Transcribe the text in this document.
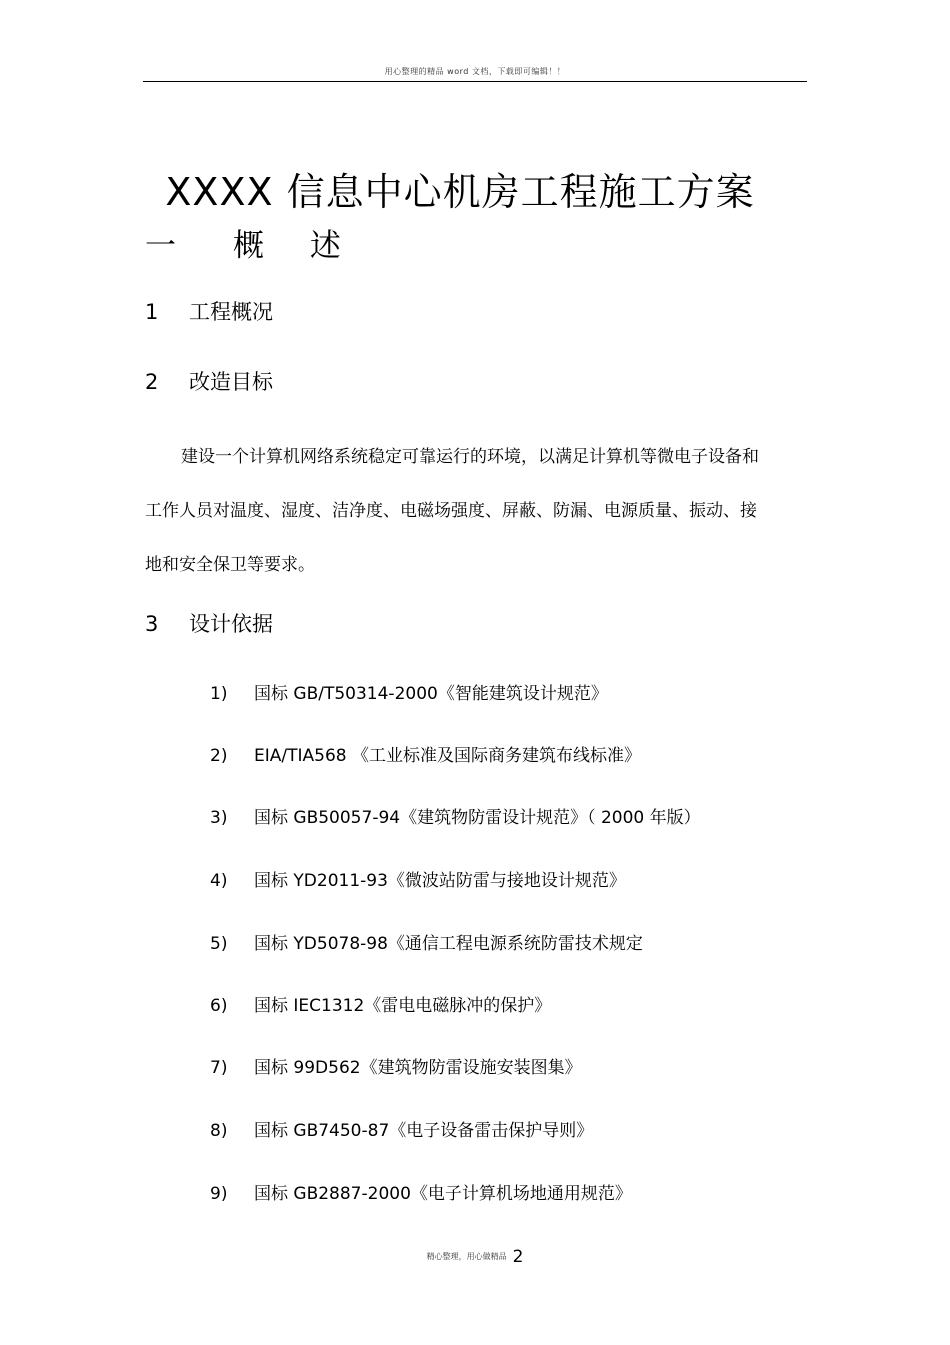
用心整理的精品 word 文档，下载即可编辑！！
XXXX 信息中心机房工程施工方案
一 概 述
1 工程概况
2 改造目标

建设一个计算机网络系统稳定可靠运行的环境，以满足计算机等微电子设备和工作人员对温度、湿度、洁净度、电磁场强度、屏蔽、防漏、电源质量、振动、接地和安全保卫等要求。

3 设计依据
1) 国标 GB/T50314-2000《智能建筑设计规范》
2) EIA/TIA568 《工业标准及国际商务建筑布线标准》
3) 国标 GB50057-94《建筑物防雷设计规范》（ 2000 年版）
4) 国标 YD2011-93《微波站防雷与接地设计规范》
5) 国标 YD5078-98《通信工程电源系统防雷技术规定
6) 国标 IEC1312《雷电电磁脉冲的保护》
7) 国标 99D562《建筑物防雷设施安装图集》
8) 国标 GB7450-87《电子设备雷击保护导则》
9) 国标 GB2887-2000《电子计算机场地通用规范》
精心整理，用心做精品 2
